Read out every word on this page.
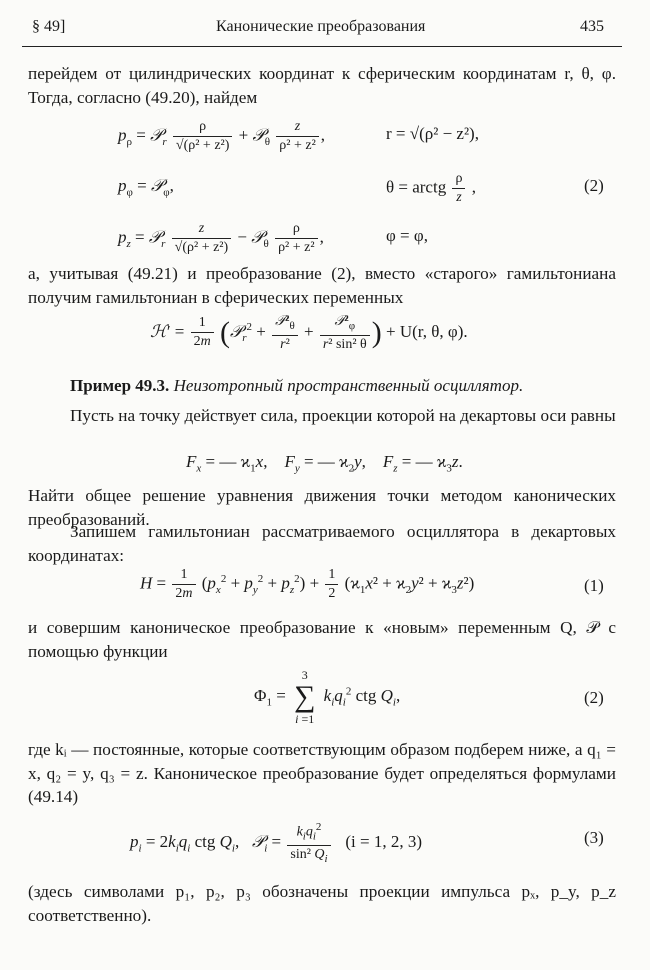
§ 49]	Канонические преобразования	435
перейдем от цилиндрических координат к сферическим координатам r, θ, φ. Тогда, согласно (49.20), найдем
$p_\rho$ = 𝒫$_r$ $\frac{\rho}{\text{√(ρ² + z²)}}$ + 𝒫$_\theta$ $\frac{z}{\text{ρ² + z²}}$ ,	r = √(ρ² − z²),
$p_\varphi$ = 𝒫$_\varphi$,	θ = arctg $\frac{\rho}{z}$ ,	(2)
$p_z$ = 𝒫$_r$ $\frac{z}{\text{√(ρ² + z²)}}$ − 𝒫$_\theta$ $\frac{\rho}{\text{ρ² + z²}}$ ,	φ = φ,
а, учитывая (49.21) и преобразование (2), вместо «старого» гамильтониана получим гамильтониан в сферических переменных
ℋ′ = $\frac{1}{2m}$ (𝒫$_r^2$ + $\frac{𝒫^2_\theta}{\text{r²}} + \frac{𝒫^2_\varphi}{\text{r² sin² θ}}$ ) + U(r, θ, φ).
Пример 49.3. Неизотропный пространственный осциллятор.
Пусть на точку действует сила, проекции которой на декартовы оси равны
$F_x$ = — $ϰ_1x$,    $F_y$ = — $ϰ_2y$,    $F_z$ = — $ϰ_3z$.
Найти общее решение уравнения движения точки методом канонических преобразований.
Запишем гамильтониан рассматриваемого осциллятора в декартовых координатах:
$H = \frac{1}{2m} (p_x^2 + p_y^2 + p_z^2) + \frac{1}{2} (ϰ_1x^2 + ϰ_2y^2 + ϰ_3z^2)$	(1)
и совершим каноническое преобразование к «новым» переменным Q, 𝒫 с помощью функции
$\Phi_1$ =
3
∑
i =1
$k_iq_i^2$ ctg $Q_i$,	(2)
где kᵢ — постоянные, которые соответствующим образом подберем ниже, а q₁ = x, q₂ = y, q₃ = z. Каноническое преобразование будет определяться формулами (49.14)
$p_i = 2k_iq_i$ ctg $Q_i$,   𝒫$_i$ = $\frac{k_iq_i^2}{\sin^2 Q_i} (i = 1$, 2, 3)	(3)
(здесь символами p₁, p₂, p₃ обозначены проекции импульса pₓ, p_y, p_z соответственно).
